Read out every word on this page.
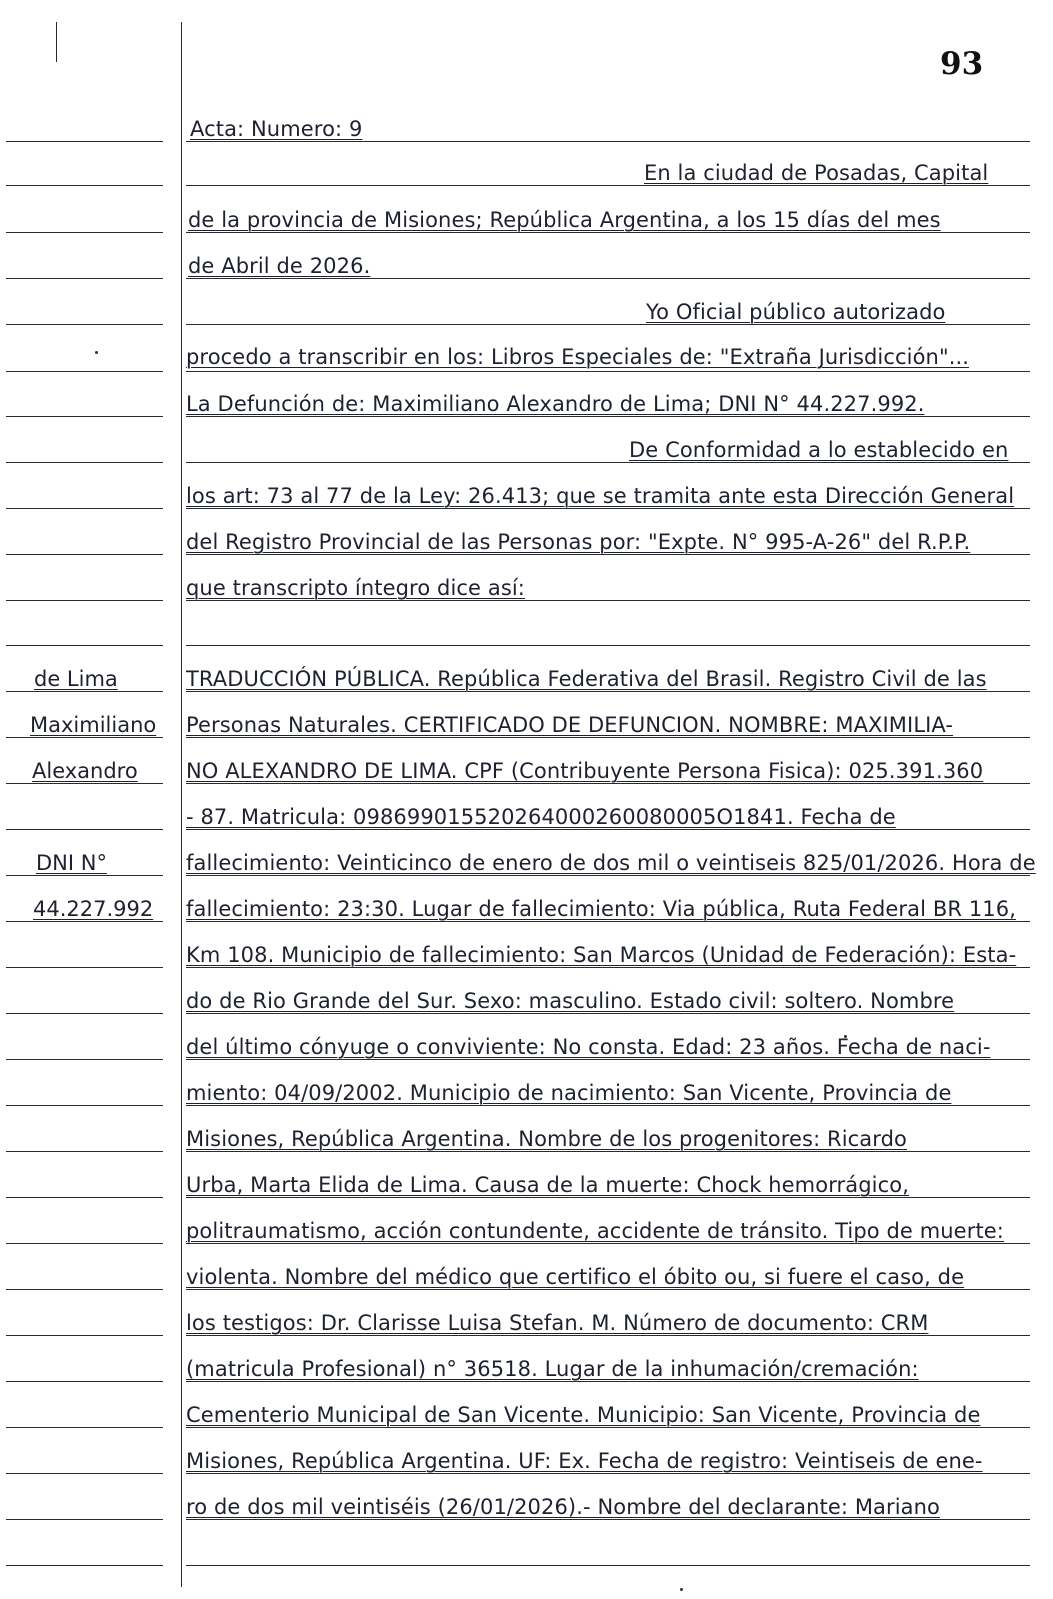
93
Acta: Numero: 9
En la ciudad de Posadas, Capital
de la provincia de Misiones; República Argentina, a los 15 días del mes
de Abril de 2026.
Yo Oficial público autorizado
procedo a transcribir en los: Libros Especiales de: "Extraña Jurisdicción"...
La Defunción de: Maximiliano Alexandro de Lima; DNI N° 44.227.992.
De Conformidad a lo establecido en
los art: 73 al 77 de la Ley: 26.413; que se tramita ante esta Dirección General
del Registro Provincial de las Personas por: "Expte. N° 995-A-26" del R.P.P.
que transcripto íntegro dice así:
de Lima
Maximiliano
Alexandro
DNI N°
44.227.992
TRADUCCIÓN PÚBLICA. República Federativa del Brasil. Registro Civil de las
Personas Naturales. CERTIFICADO DE DEFUNCION. NOMBRE: MAXIMILIA-
NO ALEXANDRO DE LIMA. CPF (Contribuyente Persona Fisica): 025.391.360
- 87. Matricula: 098699015520264000260080005O1841. Fecha de
fallecimiento: Veinticinco de enero de dos mil o veintiseis 825/01/2026. Hora de
fallecimiento: 23:30. Lugar de fallecimiento: Via pública, Ruta Federal BR 116,
Km 108. Municipio de fallecimiento: San Marcos (Unidad de Federación): Esta-
do de Rio Grande del Sur. Sexo: masculino. Estado civil: soltero. Nombre
del último cónyuge o conviviente: No consta. Edad: 23 años. Fecha de naci-
miento: 04/09/2002. Municipio de nacimiento: San Vicente, Provincia de
Misiones, República Argentina. Nombre de los progenitores: Ricardo
Urba, Marta Elida de Lima. Causa de la muerte: Chock hemorrágico,
politraumatismo, acción contundente, accidente de tránsito. Tipo de muerte:
violenta. Nombre del médico que certifico el óbito ou, si fuere el caso, de
los testigos: Dr. Clarisse Luisa Stefan. M. Número de documento: CRM
(matricula Profesional) n° 36518. Lugar de la inhumación/cremación:
Cementerio Municipal de San Vicente. Municipio: San Vicente, Provincia de
Misiones, República Argentina. UF: Ex. Fecha de registro: Veintiseis de ene-
ro de dos mil veintiséis (26/01/2026).- Nombre del declarante: Mariano
